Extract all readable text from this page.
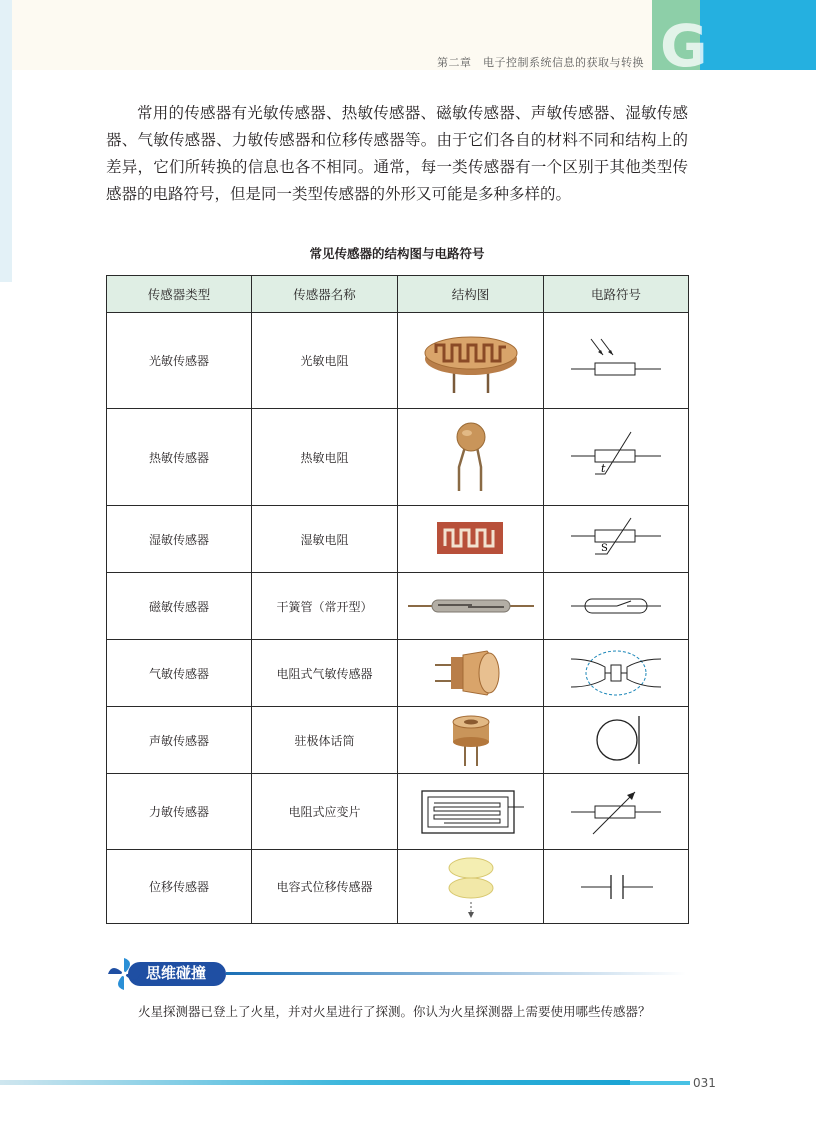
G
第二章　电子控制系统信息的获取与转换
常用的传感器有光敏传感器、热敏传感器、磁敏传感器、声敏传感器、湿敏传感器、气敏传感器、力敏传感器和位移传感器等。由于它们各自的材料不同和结构上的差异，它们所转换的信息也各不相同。通常，每一类传感器有一个区别于其他类型传感器的电路符号，但是同一类型传感器的外形又可能是多种多样的。
常见传感器的结构图与电路符号
传感器类型	传感器名称	结构图	电路符号
光敏传感器	光敏电阻	

热敏传感器	热敏电阻		t

湿敏传感器	湿敏电阻		S

磁敏传感器	干簧管（常开型）	

气敏传感器	电阻式气敏传感器	

声敏传感器	驻极体话筒	

力敏传感器	电阻式应变片	

位移传感器	电容式位移传感器	

思维碰撞
火星探测器已登上了火星，并对火星进行了探测。你认为火星探测器上需要使用哪些传感器？
031
